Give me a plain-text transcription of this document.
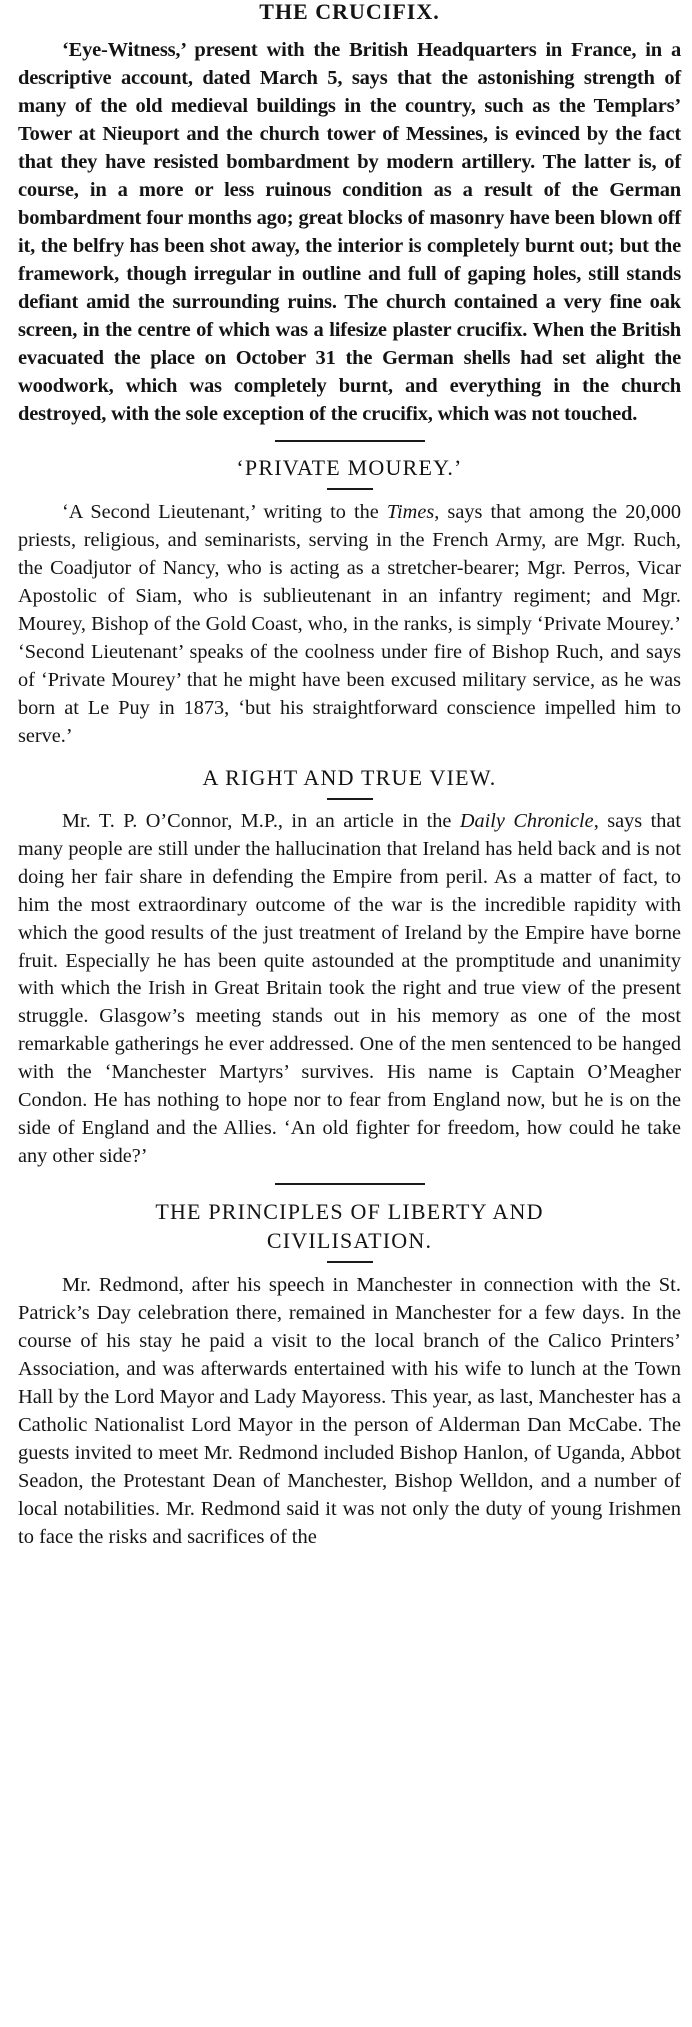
THE CRUCIFIX.

‘Eye-Witness,’ present with the British Headquarters in France, in a descriptive account, dated March 5, says that the astonishing strength of many of the old medieval buildings in the country, such as the Templars’ Tower at Nieuport and the church tower of Messines, is evinced by the fact that they have resisted bombardment by modern artillery. The latter is, of course, in a more or less ruinous condition as a result of the German bombardment four months ago; great blocks of masonry have been blown off it, the belfry has been shot away, the interior is completely burnt out; but the framework, though irregular in outline and full of gaping holes, still stands defiant amid the surrounding ruins. The church contained a very fine oak screen, in the centre of which was a lifesize plaster crucifix. When the British evacuated the place on October 31 the German shells had set alight the woodwork, which was completely burnt, and everything in the church destroyed, with the sole exception of the crucifix, which was not touched.

‘PRIVATE MOUREY.’

‘A Second Lieutenant,’ writing to the Times, says that among the 20,000 priests, religious, and seminarists, serving in the French Army, are Mgr. Ruch, the Coadjutor of Nancy, who is acting as a stretcher-bearer; Mgr. Perros, Vicar Apostolic of Siam, who is sublieutenant in an infantry regiment; and Mgr. Mourey, Bishop of the Gold Coast, who, in the ranks, is simply ‘Private Mourey.’ ‘Second Lieutenant’ speaks of the coolness under fire of Bishop Ruch, and says of ‘Private Mourey’ that he might have been excused military service, as he was born at Le Puy in 1873, ‘but his straightforward conscience impelled him to serve.’

A RIGHT AND TRUE VIEW.

Mr. T. P. O’Connor, M.P., in an article in the Daily Chronicle, says that many people are still under the hallucination that Ireland has held back and is not doing her fair share in defending the Empire from peril. As a matter of fact, to him the most extraordinary outcome of the war is the incredible rapidity with which the good results of the just treatment of Ireland by the Empire have borne fruit. Especially he has been quite astounded at the promptitude and unanimity with which the Irish in Great Britain took the right and true view of the present struggle. Glasgow’s meeting stands out in his memory as one of the most remarkable gatherings he ever addressed. One of the men sentenced to be hanged with the ‘Manchester Martyrs’ survives. His name is Captain O’Meagher Condon. He has nothing to hope nor to fear from England now, but he is on the side of England and the Allies. ‘An old fighter for freedom, how could he take any other side?’

THE PRINCIPLES OF LIBERTY AND
CIVILISATION.

Mr. Redmond, after his speech in Manchester in connection with the St. Patrick’s Day celebration there, remained in Manchester for a few days. In the course of his stay he paid a visit to the local branch of the Calico Printers’ Association, and was afterwards entertained with his wife to lunch at the Town Hall by the Lord Mayor and Lady Mayoress. This year, as last, Manchester has a Catholic Nationalist Lord Mayor in the person of Alderman Dan McCabe. The guests invited to meet Mr. Redmond included Bishop Hanlon, of Uganda, Abbot Seadon, the Protestant Dean of Manchester, Bishop Welldon, and a number of local notabilities. Mr. Redmond said it was not only the duty of young Irishmen to face the risks and sacrifices of the
